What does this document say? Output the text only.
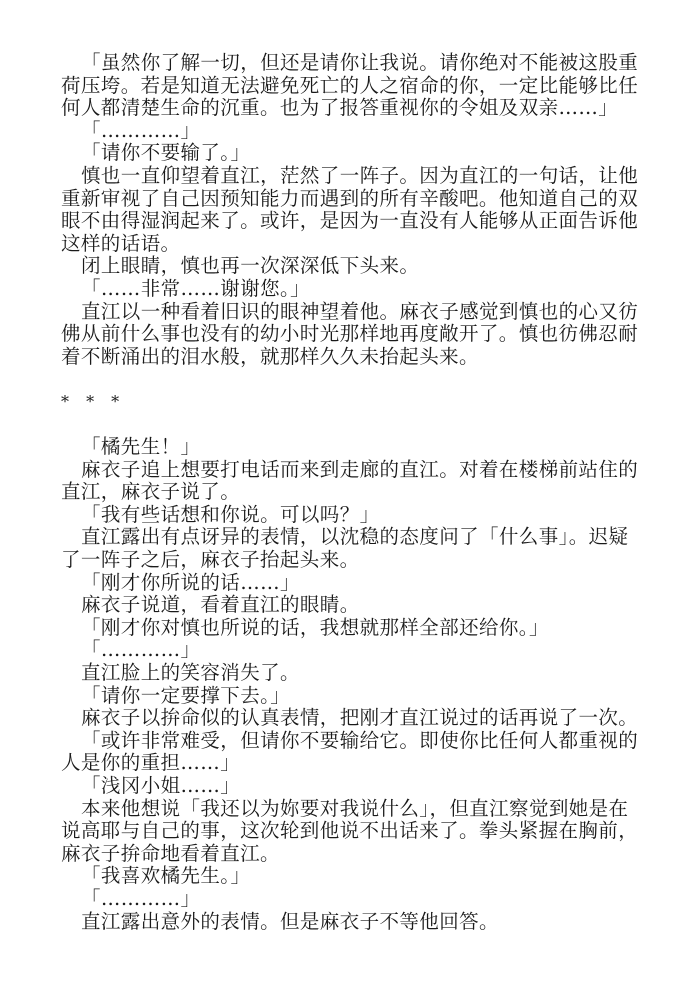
「虽然你了解一切，但还是请你让我说。请你绝对不能被这股重
荷压垮。若是知道无法避免死亡的人之宿命的你，一定比能够比任
何人都清楚生命的沉重。也为了报答重视你的令姐及双亲……」
「…………」
「请你不要输了。」
慎也一直仰望着直江，茫然了一阵子。因为直江的一句话，让他
重新审视了自己因预知能力而遇到的所有辛酸吧。他知道自己的双
眼不由得湿润起来了。或许，是因为一直没有人能够从正面告诉他
这样的话语。
闭上眼睛，慎也再一次深深低下头来。
「……非常……谢谢您。」
直江以一种看着旧识的眼神望着他。麻衣子感觉到慎也的心又彷
佛从前什么事也没有的幼小时光那样地再度敞开了。慎也彷佛忍耐
着不断涌出的泪水般，就那样久久未抬起头来。
* * *
「橘先生！」
麻衣子追上想要打电话而来到走廊的直江。对着在楼梯前站住的
直江，麻衣子说了。
「我有些话想和你说。可以吗？」
直江露出有点讶异的表情，以沈稳的态度问了「什么事」。迟疑
了一阵子之后，麻衣子抬起头来。
「刚才你所说的话……」
麻衣子说道，看着直江的眼睛。
「刚才你对慎也所说的话，我想就那样全部还给你。」
「…………」
直江脸上的笑容消失了。
「请你一定要撑下去。」
麻衣子以拚命似的认真表情，把刚才直江说过的话再说了一次。
「或许非常难受，但请你不要输给它。即使你比任何人都重视的
人是你的重担……」
「浅冈小姐……」
本来他想说「我还以为妳要对我说什么」，但直江察觉到她是在
说高耶与自己的事，这次轮到他说不出话来了。拳头紧握在胸前，
麻衣子拚命地看着直江。
「我喜欢橘先生。」
「…………」
直江露出意外的表情。但是麻衣子不等他回答。
